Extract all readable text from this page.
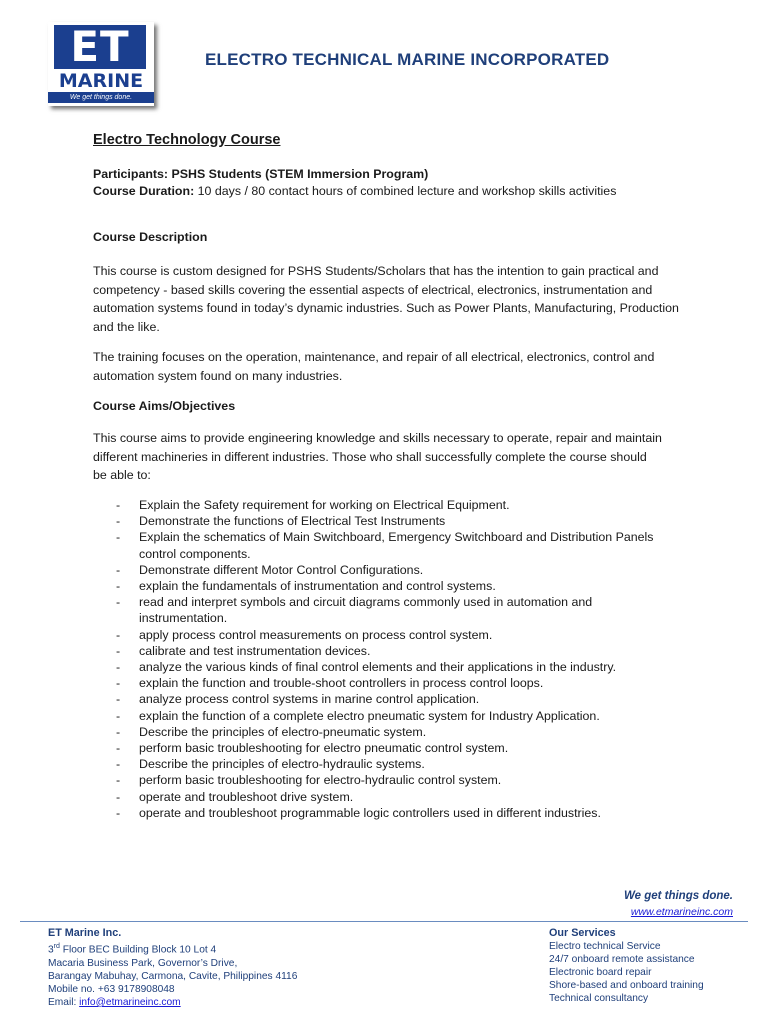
ET
MARINE
We get things done.
ELECTRO TECHNICAL MARINE INCORPORATED
Electro Technology Course
Participants: PSHS Students (STEM Immersion Program)
Course Duration: 10 days / 80 contact hours of combined lecture and workshop skills activities
Course Description
This course is custom designed for PSHS Students/Scholars that has the intention to gain practical and competency - based skills covering the essential aspects of electrical, electronics, instrumentation and automation systems found in today’s dynamic industries. Such as Power Plants, Manufacturing, Production and the like.
The training focuses on the operation, maintenance, and repair of all electrical, electronics, control and automation system found on many industries.
Course Aims/Objectives
This course aims to provide engineering knowledge and skills necessary to operate, repair and maintain different machineries in different industries. Those who shall successfully complete the course should be able to:
- Explain the Safety requirement for working on Electrical Equipment.
- Demonstrate the functions of Electrical Test Instruments
- Explain the schematics of Main Switchboard, Emergency Switchboard and Distribution Panels control components.
- Demonstrate different Motor Control Configurations.
- explain the fundamentals of instrumentation and control systems.
- read and interpret symbols and circuit diagrams commonly used in automation and instrumentation.
- apply process control measurements on process control system.
- calibrate and test instrumentation devices.
- analyze the various kinds of final control elements and their applications in the industry.
- explain the function and trouble-shoot controllers in process control loops.
- analyze process control systems in marine control application.
- explain the function of a complete electro pneumatic system for Industry Application.
- Describe the principles of electro-pneumatic system.
- perform basic troubleshooting for electro pneumatic control system.
- Describe the principles of electro-hydraulic systems.
- perform basic troubleshooting for electro-hydraulic control system.
- operate and troubleshoot drive system.
- operate and troubleshoot programmable logic controllers used in different industries.
We get things done.
www.etmarineinc.com
ET Marine Inc.
3rd Floor BEC Building Block 10 Lot 4
Macaria Business Park, Governor’s Drive,
Barangay Mabuhay, Carmona, Cavite, Philippines 4116
Mobile no. +63 9178908048
Email: info@etmarineinc.com
Our Services
Electro technical Service
24/7 onboard remote assistance
Electronic board repair
Shore-based and onboard training
Technical consultancy
